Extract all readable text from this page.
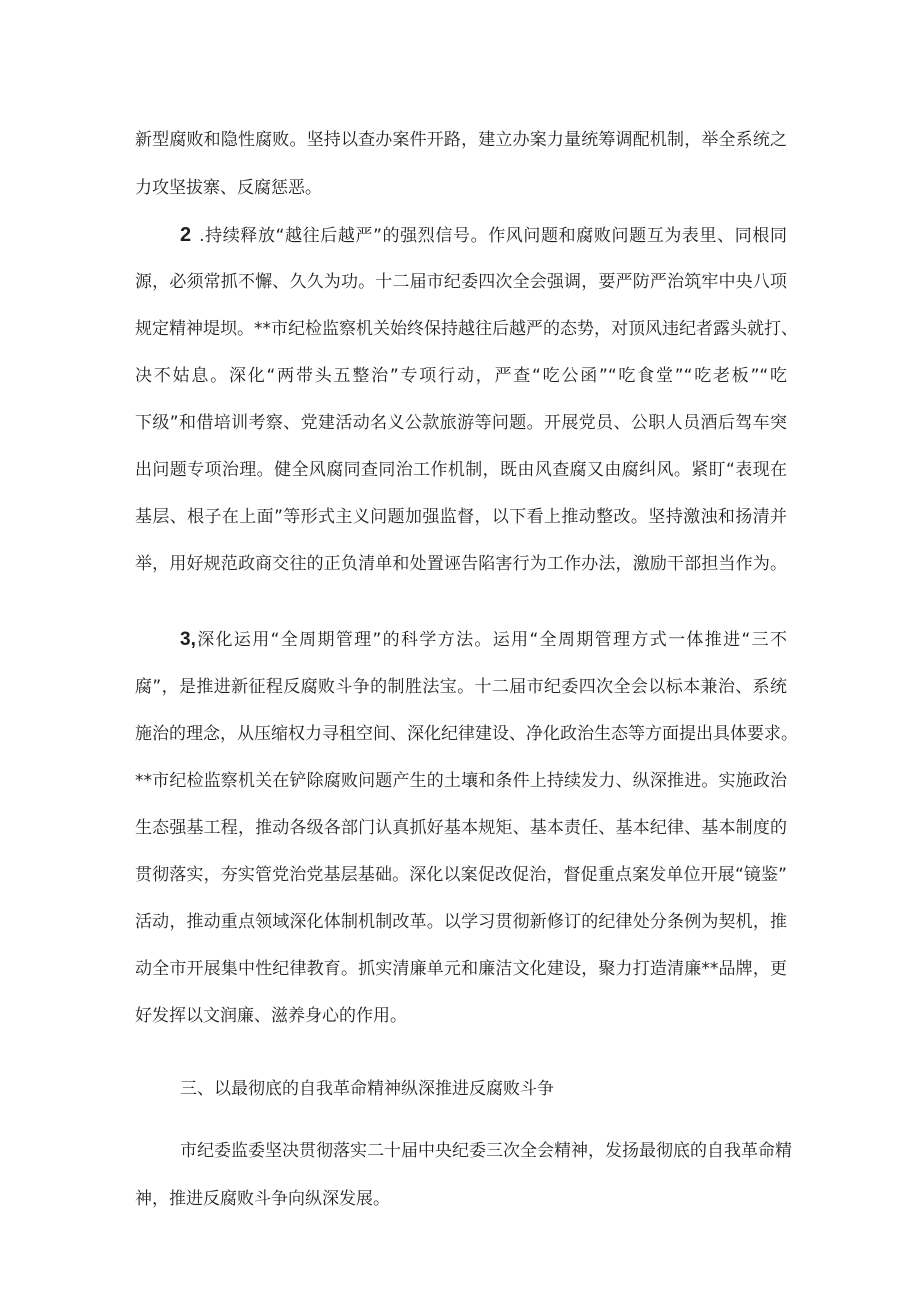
新型腐败和隐性腐败。坚持以查办案件开路，建立办案力量统筹调配机制，举全系统之

力攻坚拔寨、反腐惩恶。

2 .持续释放“越往后越严”的强烈信号。作风问题和腐败问题互为表里、同根同

源，必须常抓不懈、久久为功。十二届市纪委四次全会强调，要严防严治筑牢中央八项

规定精神堤坝。**市纪检监察机关始终保持越往后越严的态势，对顶风违纪者露头就打、

决不姑息。深化“两带头五整治”专项行动，严查“吃公函”“吃食堂”“吃老板”“吃

下级”和借培训考察、党建活动名义公款旅游等问题。开展党员、公职人员酒后驾车突

出问题专项治理。健全风腐同查同治工作机制，既由风查腐又由腐纠风。紧盯“表现在

基层、根子在上面”等形式主义问题加强监督，以下看上推动整改。坚持激浊和扬清并

举，用好规范政商交往的正负清单和处置诬告陷害行为工作办法，激励干部担当作为。

3,深化运用“全周期管理”的科学方法。运用“全周期管理方式一体推进“三不

腐”，是推进新征程反腐败斗争的制胜法宝。十二届市纪委四次全会以标本兼治、系统

施治的理念，从压缩权力寻租空间、深化纪律建设、净化政治生态等方面提出具体要求。

**市纪检监察机关在铲除腐败问题产生的土壤和条件上持续发力、纵深推进。实施政治

生态强基工程，推动各级各部门认真抓好基本规矩、基本责任、基本纪律、基本制度的

贯彻落实，夯实管党治党基层基础。深化以案促改促治，督促重点案发单位开展“镜鉴”

活动，推动重点领域深化体制机制改革。以学习贯彻新修订的纪律处分条例为契机，推

动全市开展集中性纪律教育。抓实清廉单元和廉洁文化建设，聚力打造清廉**品牌，更

好发挥以文润廉、滋养身心的作用。

三、以最彻底的自我革命精神纵深推进反腐败斗争

市纪委监委坚决贯彻落实二十届中央纪委三次全会精神，发扬最彻底的自我革命精

神，推进反腐败斗争向纵深发展。
